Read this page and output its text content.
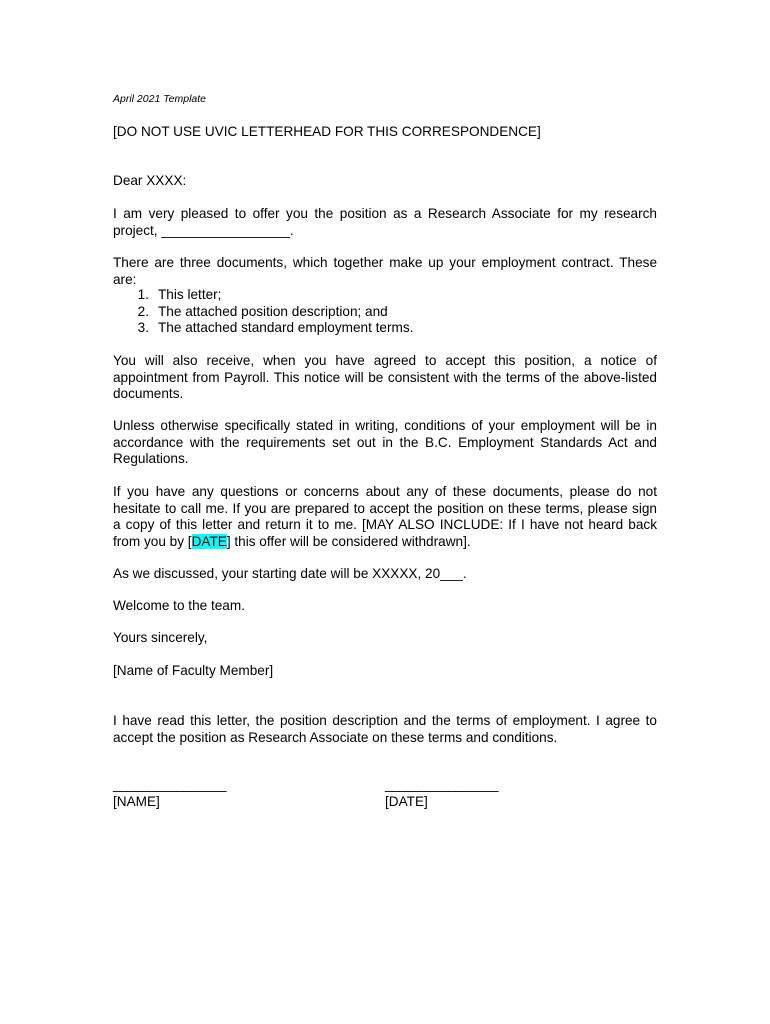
April 2021 Template
[DO NOT USE UVIC LETTERHEAD FOR THIS CORRESPONDENCE]
Dear XXXX:

I am very pleased to offer you the position as a Research Associate for my research project, _________________.

There are three documents, which together make up your employment contract. These are:

1. This letter;
2. The attached position description; and
3. The attached standard employment terms.

You will also receive, when you have agreed to accept this position, a notice of appointment from Payroll. This notice will be consistent with the terms of the above-listed documents.

Unless otherwise specifically stated in writing, conditions of your employment will be in accordance with the requirements set out in the B.C. Employment Standards Act and Regulations.

If you have any questions or concerns about any of these documents, please do not hesitate to call me. If you are prepared to accept the position on these terms, please sign a copy of this letter and return it to me. [MAY ALSO INCLUDE: If I have not heard back from you by [DATE] this offer will be considered withdrawn].

As we discussed, your starting date will be XXXXX, 20___.

Welcome to the team.

Yours sincerely,

[Name of Faculty Member]

I have read this letter, the position description and the terms of employment. I agree to accept the position as Research Associate on these terms and conditions.

________________	________________
[NAME]	[DATE]
